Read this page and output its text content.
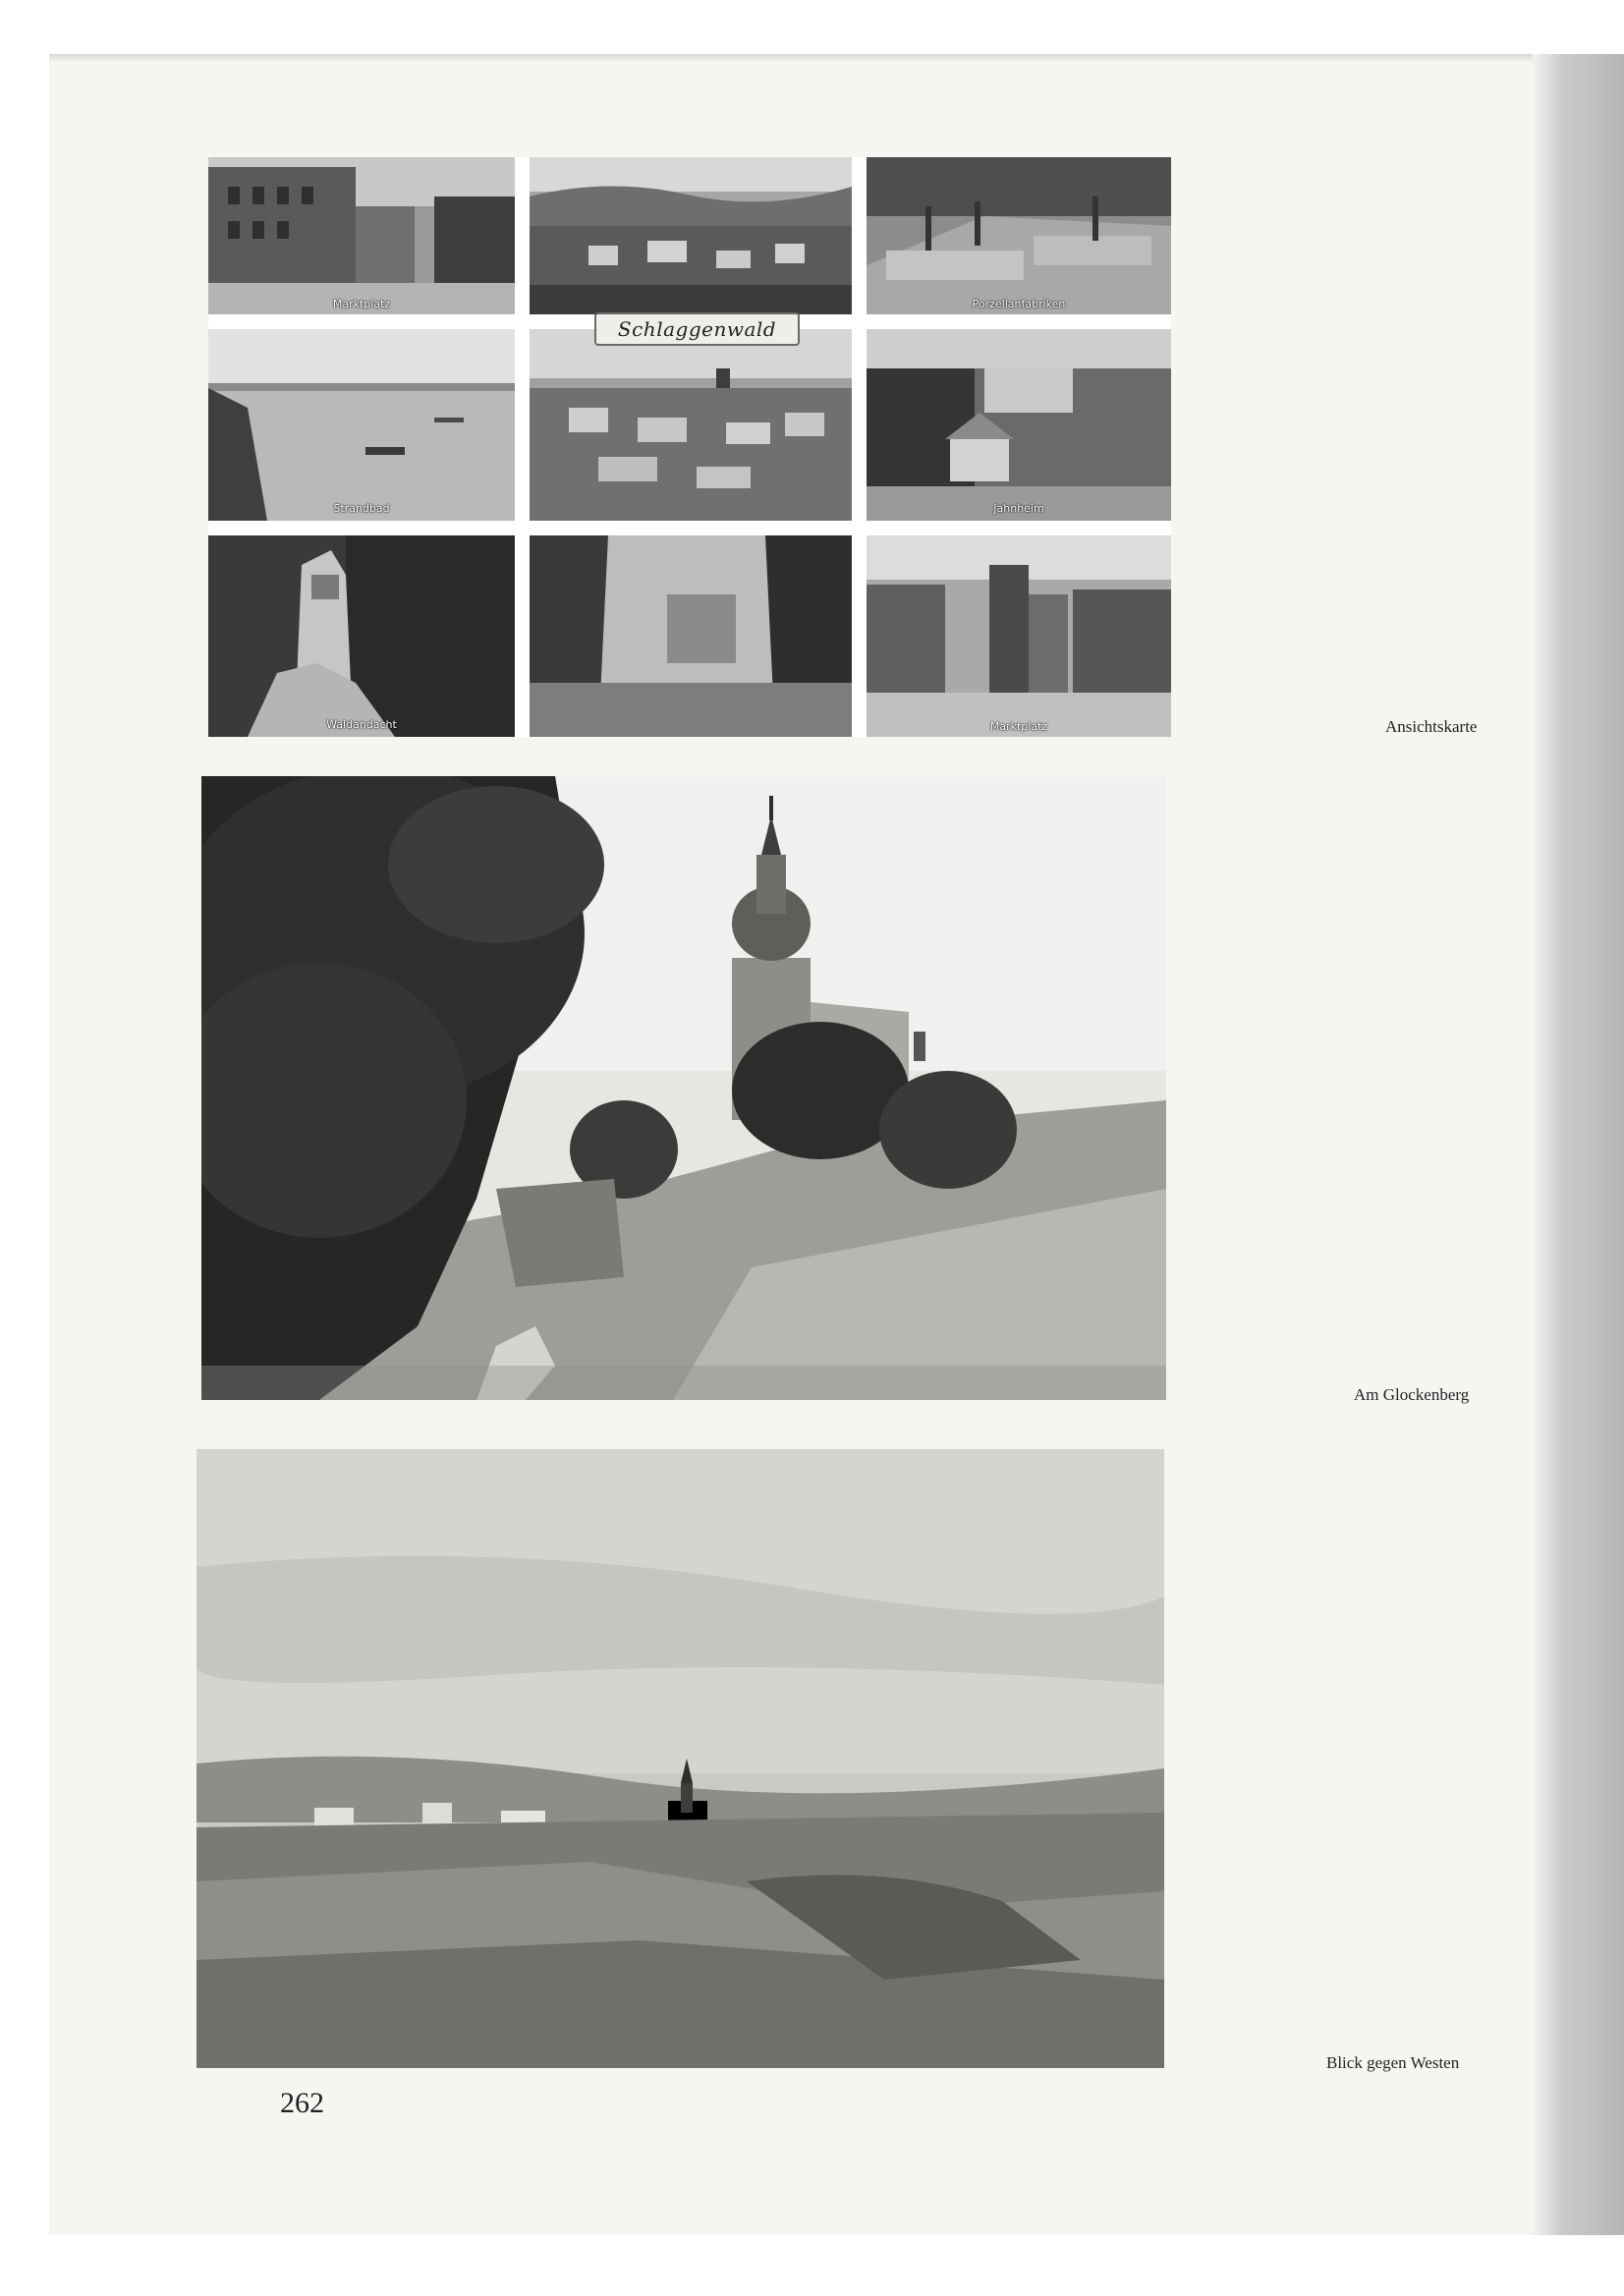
Marktplatz	Porzellanfabriken
Strandbad	Jahnheim
Waldandacht	Marktplatz
Schlaggenwald
Ansichtskarte
Am Glockenberg
Blick gegen Westen
262
